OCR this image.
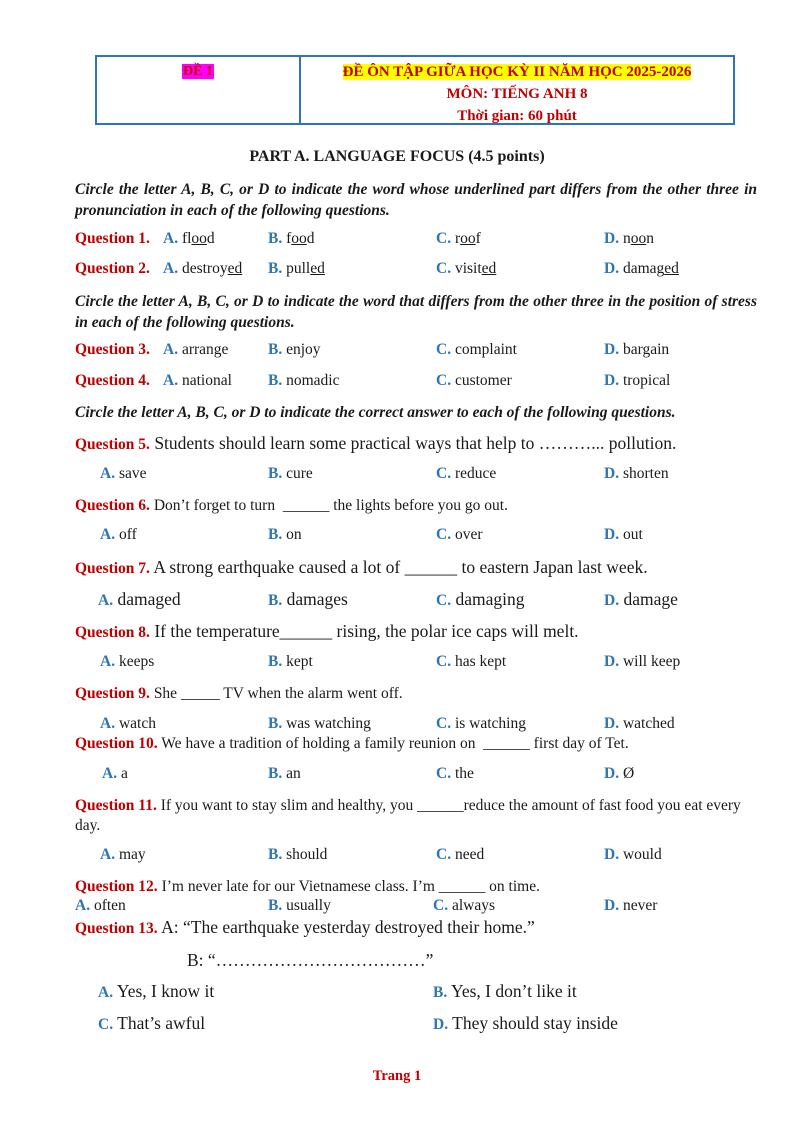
ĐỀ 1	ĐỀ ÔN TẬP GIỮA HỌC KỲ II NĂM HỌC 2025-2026
MÔN: TIẾNG ANH 8
Thời gian: 60 phút
PART A. LANGUAGE FOCUS (4.5 points)
Circle the letter A, B, C, or D to indicate the word whose underlined part differs from the other three in pronunciation in each of the following questions.
Question 1. A. flood	B. food	C. roof	D. noon
Question 2. A. destroyed B. pulled	C. visited	D. damaged
Circle the letter A, B, C, or D to indicate the word that differs from the other three in the position of stress in each of the following questions.
Question 3. A. arrange	B. enjoy	C. complaint	D. bargain
Question 4. A. national B. nomadic	C. customer	D. tropical
Circle the letter A, B, C, or D to indicate the correct answer to each of the following questions.
Question 5. Students should learn some practical ways that help to ………... pollution.
A. save	B. cure	C. reduce	D. shorten
Question 6. Don’t forget to turn  ______ the lights before you go out.
A. off	B. on	C. over	D. out
Question 7. A strong earthquake caused a lot of ______ to eastern Japan last week.
A. damaged	B. damages	C. damaging	D. damage
Question 8. If the temperature______ rising, the polar ice caps will melt.
A. keeps	B. kept	C. has kept	D. will keep
Question 9. She _____ TV when the alarm went off.
A. watch	B. was watching	C. is watching	D. watched
Question 10. We have a tradition of holding a family reunion on  ______ first day of Tet.
A. a	B. an	C. the	D. Ø
Question 11. If you want to stay slim and healthy, you ______reduce the amount of fast food you eat every day.
A. may	B. should	C. need	D. would
Question 12. I’m never late for our Vietnamese class. I’m ______ on time.
A. often	B. usually	C. always	D. never
Question 13. A: “The earthquake yesterday destroyed their home.”
B: “………………………………”
A. Yes, I know it	B. Yes, I don’t like it
C. That’s awful	D. They should stay inside
Trang 1
